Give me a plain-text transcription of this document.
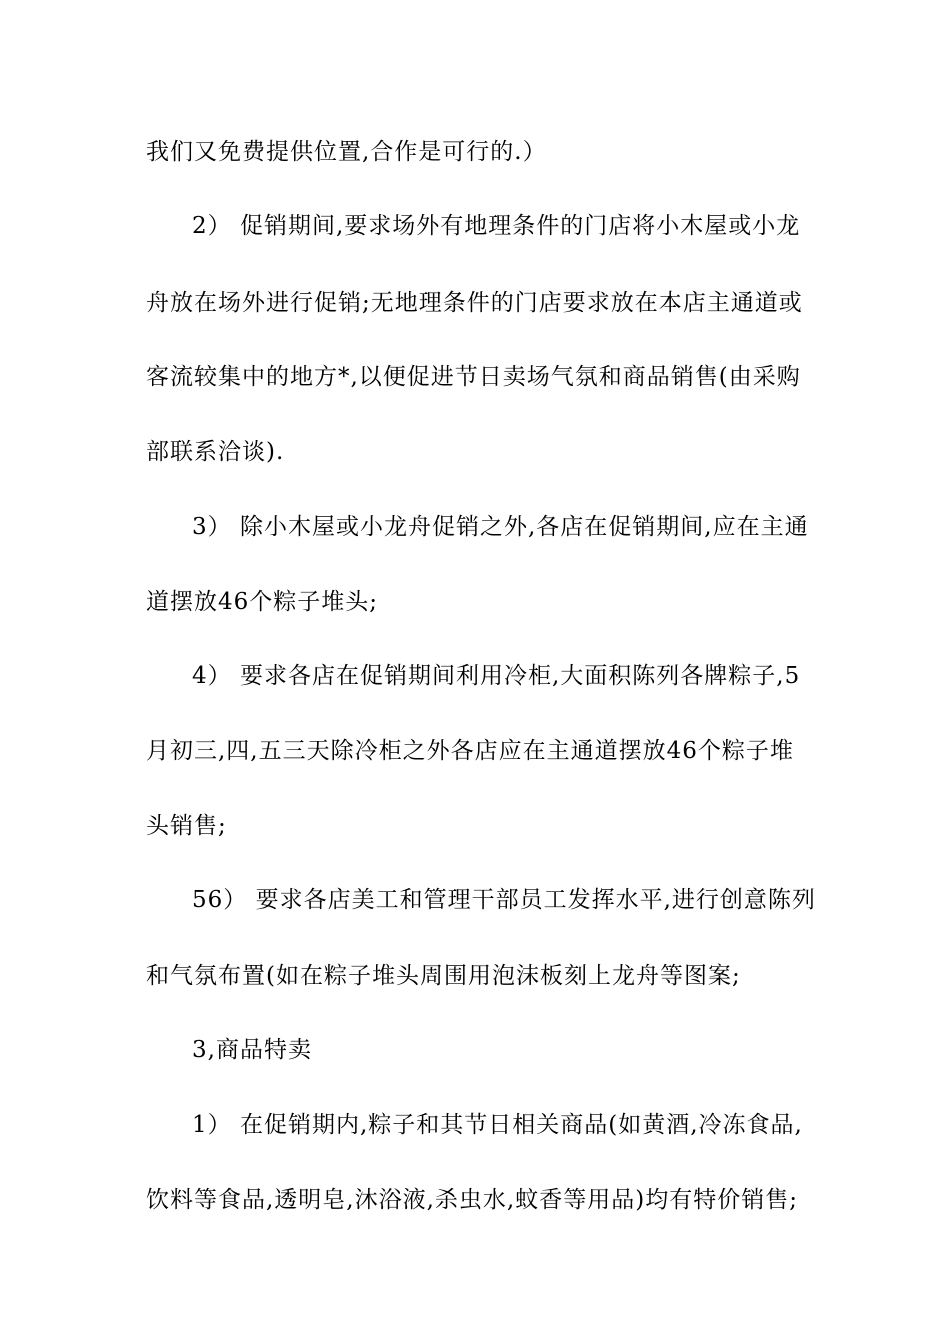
我们又免费提供位置,合作是可行的.）
2） 促销期间,要求场外有地理条件的门店将小木屋或小龙
舟放在场外进行促销;无地理条件的门店要求放在本店主通道或
客流较集中的地方*,以便促进节日卖场气氛和商品销售(由采购
部联系洽谈).
3） 除小木屋或小龙舟促销之外,各店在促销期间,应在主通
道摆放46个粽子堆头;
4） 要求各店在促销期间利用冷柜,大面积陈列各牌粽子,5
月初三,四,五三天除冷柜之外各店应在主通道摆放46个粽子堆
头销售;
56） 要求各店美工和管理干部员工发挥水平,进行创意陈列
和气氛布置(如在粽子堆头周围用泡沫板刻上龙舟等图案;
3,商品特卖
1） 在促销期内,粽子和其节日相关商品(如黄酒,冷冻食品,
饮料等食品,透明皂,沐浴液,杀虫水,蚊香等用品)均有特价销售;
